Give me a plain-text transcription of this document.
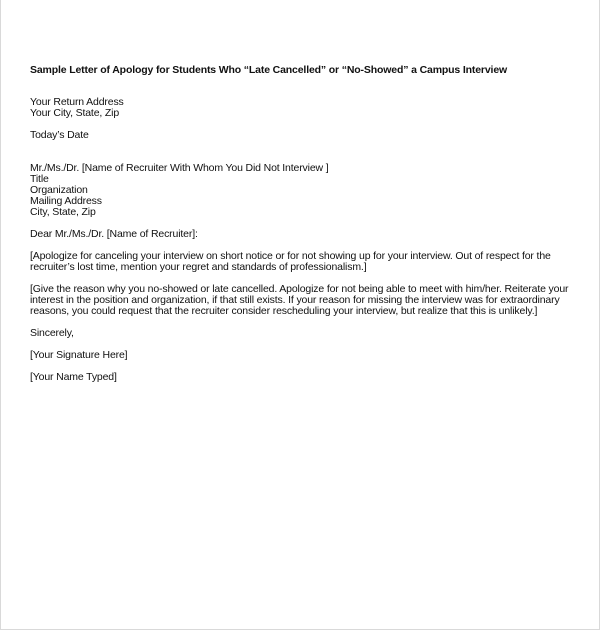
Sample Letter of Apology for Students Who “Late Cancelled” or “No-Showed” a Campus Interview
Your Return Address
Your City, State, Zip
Today’s Date
Mr./Ms./Dr. [Name of Recruiter With Whom You Did Not Interview ]
Title
Organization
Mailing Address
City, State, Zip
Dear Mr./Ms./Dr. [Name of Recruiter]:
[Apologize for canceling your interview on short notice or for not showing up for your interview. Out of respect for the
recruiter’s lost time, mention your regret and standards of professionalism.]
[Give the reason why you no-showed or late cancelled. Apologize for not being able to meet with him/her. Reiterate your
interest in the position and organization, if that still exists. If your reason for missing the interview was for extraordinary
reasons, you could request that the recruiter consider rescheduling your interview, but realize that this is unlikely.]
Sincerely,
[Your Signature Here]
[Your Name Typed]
